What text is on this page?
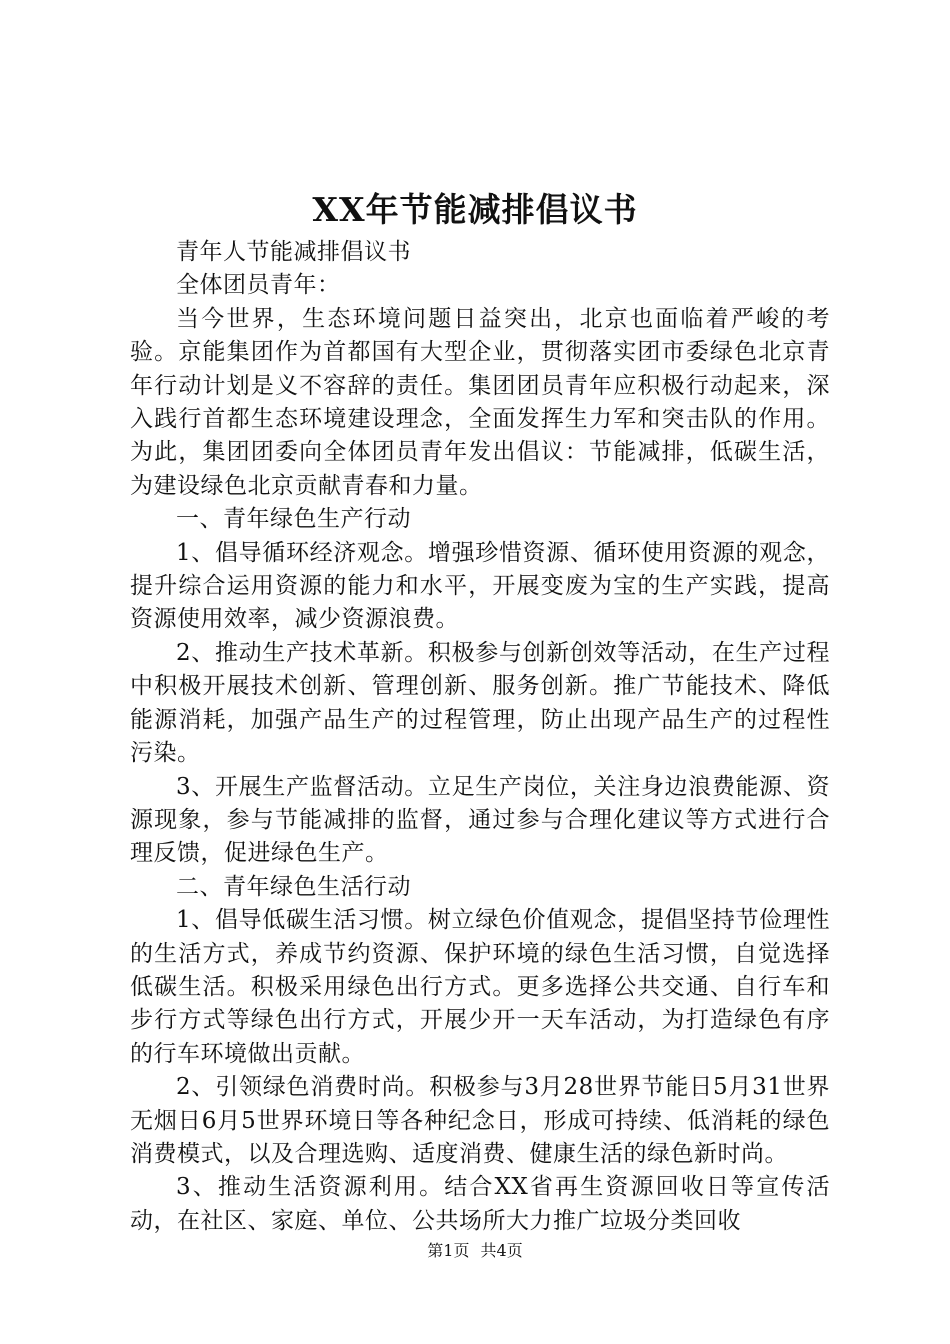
XX年节能减排倡议书

青年人节能减排倡议书

全体团员青年：

当今世界，生态环境问题日益突出，北京也面临着严峻的考验。京能集团作为首都国有大型企业，贯彻落实团市委绿色北京青年行动计划是义不容辞的责任。集团团员青年应积极行动起来，深入践行首都生态环境建设理念，全面发挥生力军和突击队的作用。为此，集团团委向全体团员青年发出倡议：节能减排，低碳生活，为建设绿色北京贡献青春和力量。

一、青年绿色生产行动

1、倡导循环经济观念。增强珍惜资源、循环使用资源的观念，提升综合运用资源的能力和水平，开展变废为宝的生产实践，提高资源使用效率，减少资源浪费。

2、推动生产技术革新。积极参与创新创效等活动，在生产过程中积极开展技术创新、管理创新、服务创新。推广节能技术、降低能源消耗，加强产品生产的过程管理，防止出现产品生产的过程性污染。

3、开展生产监督活动。立足生产岗位，关注身边浪费能源、资源现象，参与节能减排的监督，通过参与合理化建议等方式进行合理反馈，促进绿色生产。

二、青年绿色生活行动

1、倡导低碳生活习惯。树立绿色价值观念，提倡坚持节俭理性的生活方式，养成节约资源、保护环境的绿色生活习惯，自觉选择低碳生活。积极采用绿色出行方式。更多选择公共交通、自行车和步行方式等绿色出行方式，开展少开一天车活动，为打造绿色有序的行车环境做出贡献。

2、引领绿色消费时尚。积极参与3月28世界节能日5月31世界无烟日6月5世界环境日等各种纪念日，形成可持续、低消耗的绿色消费模式，以及合理选购、适度消费、健康生活的绿色新时尚。

3、推动生活资源利用。结合XX省再生资源回收日等宣传活动，在社区、家庭、单位、公共场所大力推广垃圾分类回收

第1页 共4页
